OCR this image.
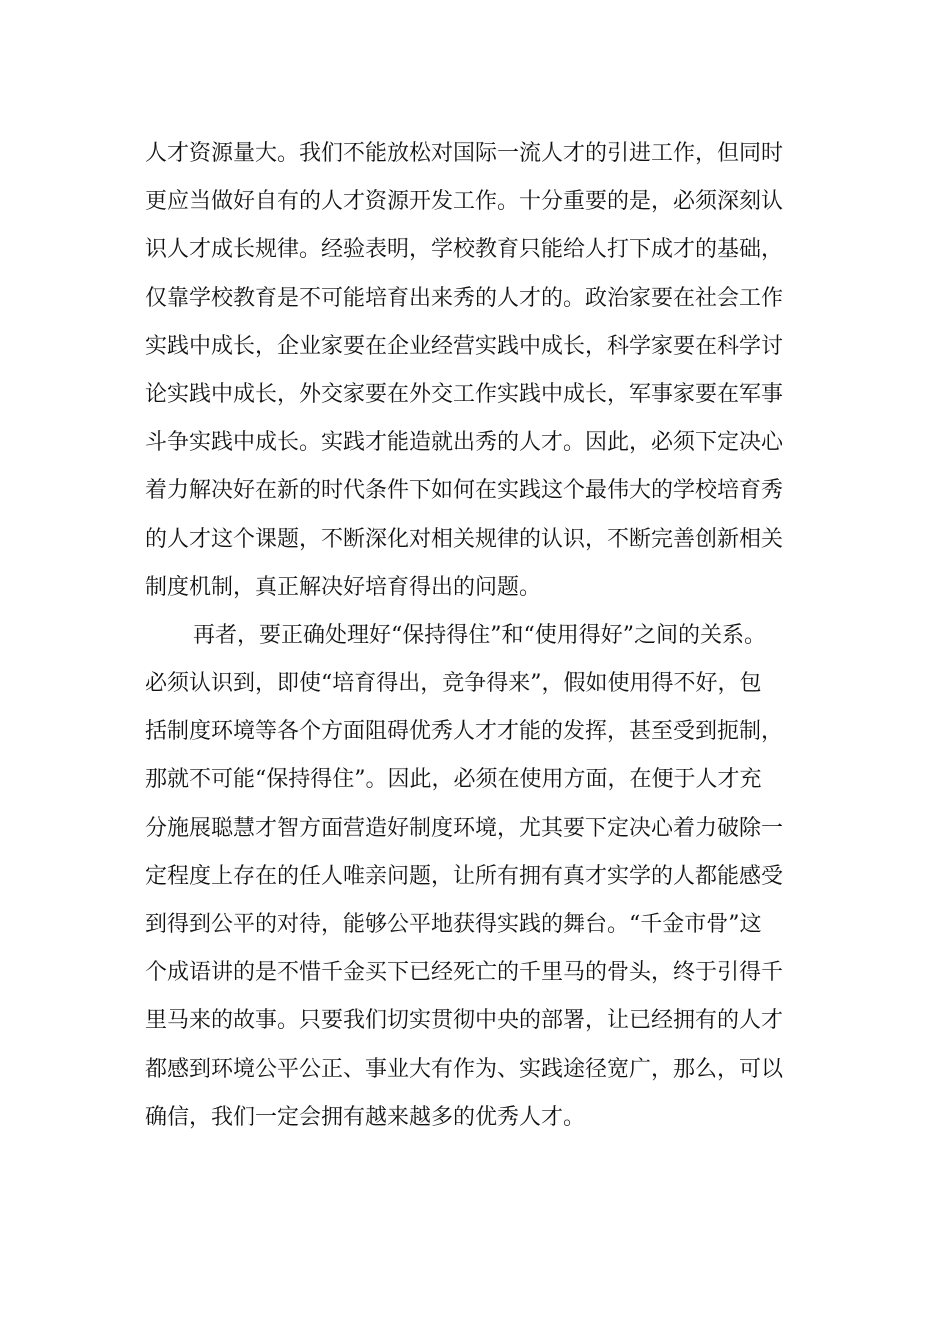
人才资源量大。我们不能放松对国际一流人才的引进工作，但同时
更应当做好自有的人才资源开发工作。十分重要的是，必须深刻认
识人才成长规律。经验表明，学校教育只能给人打下成才的基础，
仅靠学校教育是不可能培育出来秀的人才的。政治家要在社会工作
实践中成长，企业家要在企业经营实践中成长，科学家要在科学讨
论实践中成长，外交家要在外交工作实践中成长，军事家要在军事
斗争实践中成长。实践才能造就出秀的人才。因此，必须下定决心
着力解决好在新的时代条件下如何在实践这个最伟大的学校培育秀
的人才这个课题，不断深化对相关规律的认识，不断完善创新相关
制度机制，真正解决好培育得出的问题。
再者，要正确处理好“保持得住”和“使用得好”之间的关系。
必须认识到，即使“培育得出，竞争得来”，假如使用得不好，包
括制度环境等各个方面阻碍优秀人才才能的发挥，甚至受到扼制，
那就不可能“保持得住”。因此，必须在使用方面，在便于人才充
分施展聪慧才智方面营造好制度环境，尤其要下定决心着力破除一
定程度上存在的任人唯亲问题，让所有拥有真才实学的人都能感受
到得到公平的对待，能够公平地获得实践的舞台。“千金市骨”这
个成语讲的是不惜千金买下已经死亡的千里马的骨头，终于引得千
里马来的故事。只要我们切实贯彻中央的部署，让已经拥有的人才
都感到环境公平公正、事业大有作为、实践途径宽广，那么，可以
确信，我们一定会拥有越来越多的优秀人才。
